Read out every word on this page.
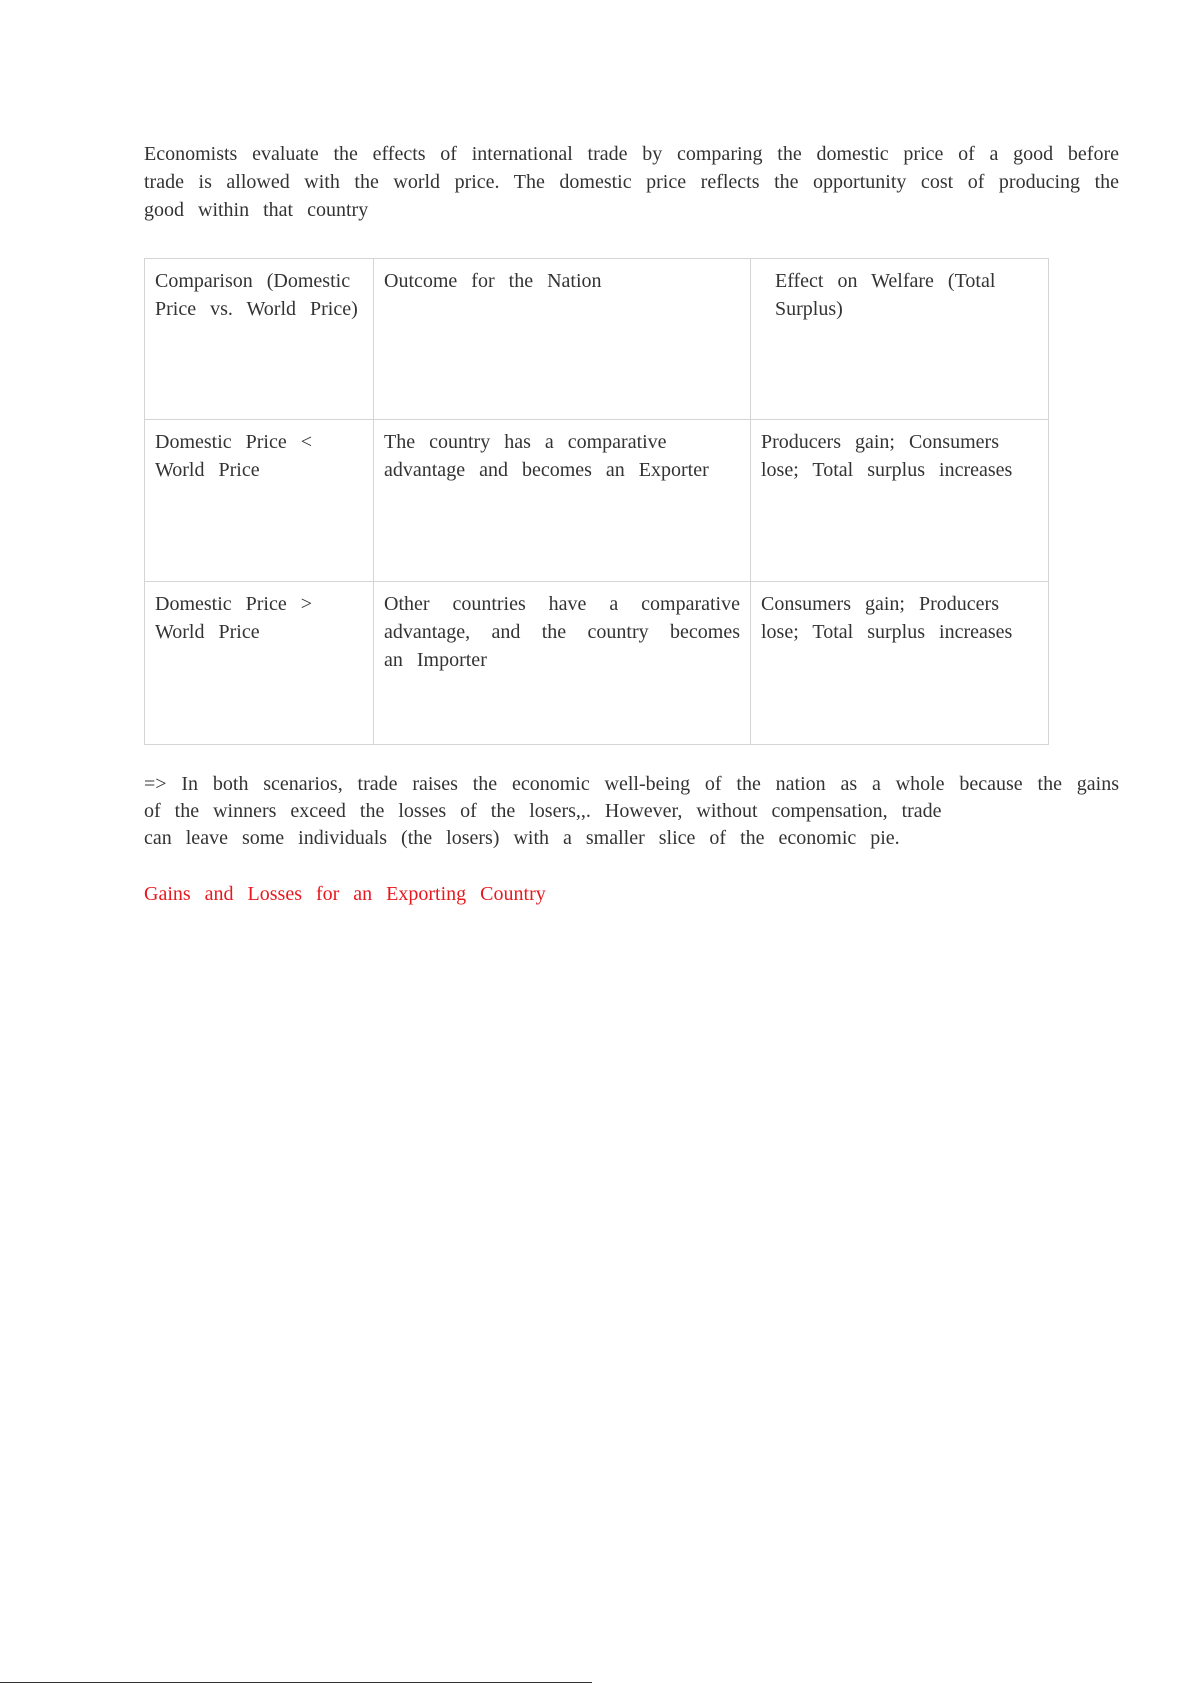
Economists evaluate the effects of international trade by comparing the domestic price of a good before trade is allowed with the world price. The domestic price reflects the opportunity cost of producing the good within that country

Comparison (Domestic Price vs. World Price)	Outcome for the Nation	Effect on Welfare (Total Surplus)
Domestic Price < World Price	The country has a comparative advantage and becomes an Exporter	Producers gain; Consumers lose; Total surplus increases
Domestic Price > World Price	Other countries have a comparative advantage, and the country becomes an Importer	Consumers gain; Producers lose; Total surplus increases

=> In both scenarios, trade raises the economic well-being of the nation as a whole because the gains of the winners exceed the losses of the losers,,. However, without compensation, trade
can leave some individuals (the losers) with a smaller slice of the economic pie.

Gains and Losses for an Exporting Country
